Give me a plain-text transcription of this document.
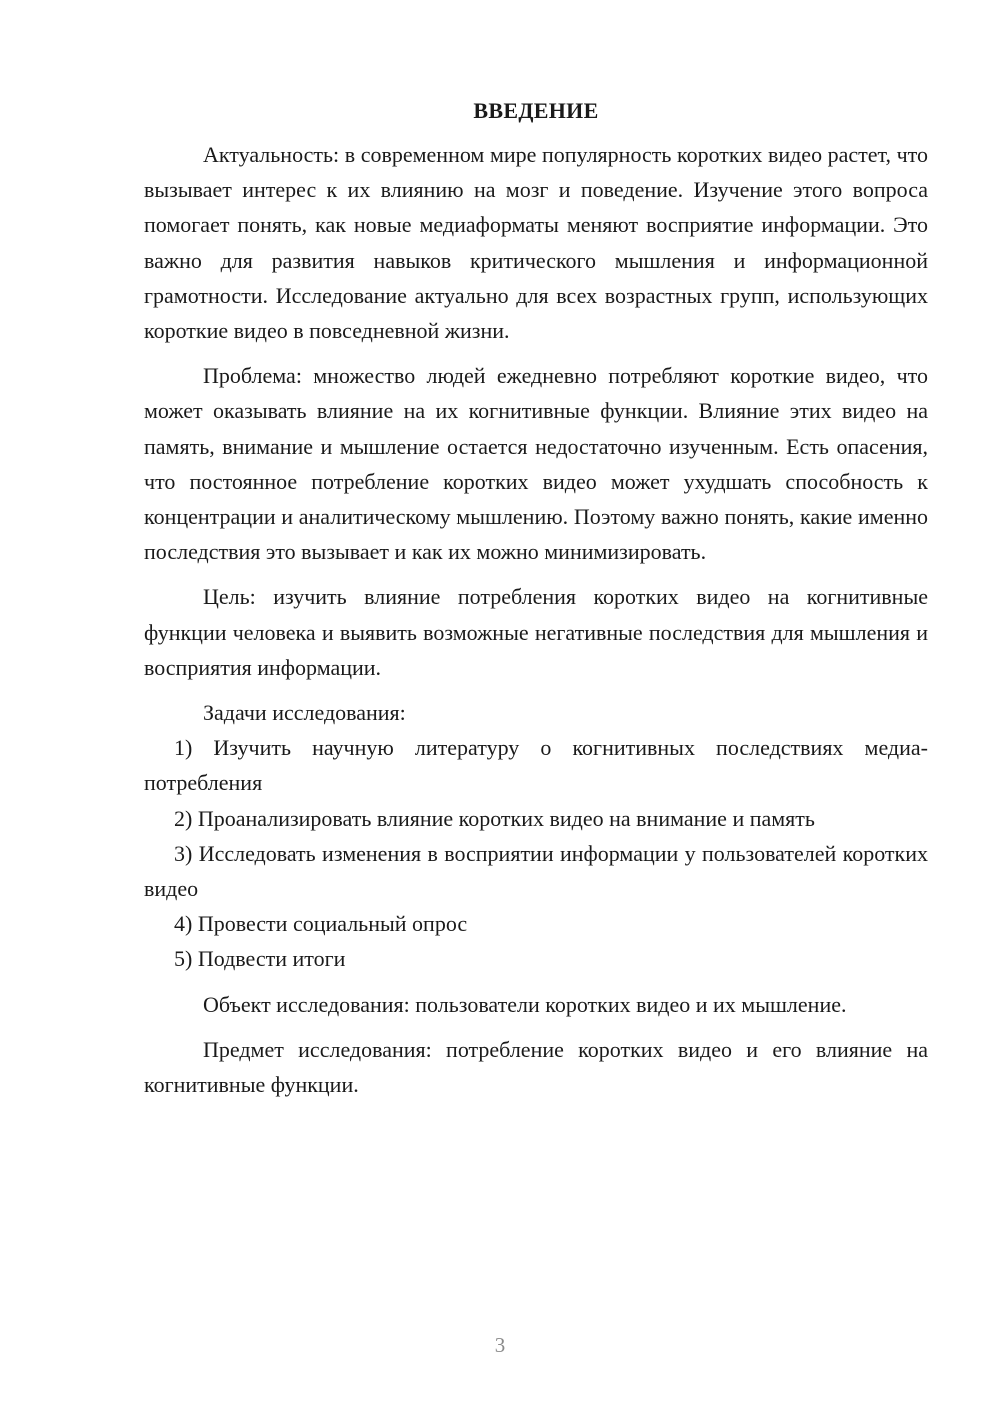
ВВЕДЕНИЕ

Актуальность: в современном мире популярность коротких видео растет, что вызывает интерес к их влиянию на мозг и поведение. Изучение этого вопроса помогает понять, как новые медиаформаты меняют восприятие информации. Это важно для развития навыков критического мышления и информационной грамотности. Исследование актуально для всех возрастных групп, использующих короткие видео в повседневной жизни.

Проблема: множество людей ежедневно потребляют короткие видео, что может оказывать влияние на их когнитивные функции. Влияние этих видео на память, внимание и мышление остается недостаточно изученным. Есть опасения, что постоянное потребление коротких видео может ухудшать способность к концентрации и аналитическому мышлению. Поэтому важно понять, какие именно последствия это вызывает и как их можно минимизировать.

Цель: изучить влияние потребления коротких видео на когнитивные функции человека и выявить возможные негативные последствия для мышления и восприятия информации.

Задачи исследования:

1) Изучить научную литературу о когнитивных последствиях медиа-потребления

2) Проанализировать влияние коротких видео на внимание и память

3) Исследовать изменения в восприятии информации у пользователей коротких видео

4) Провести социальный опрос

5) Подвести итоги

Объект исследования: пользователи коротких видео и их мышление.

Предмет исследования: потребление коротких видео и его влияние на когнитивные функции.

3
